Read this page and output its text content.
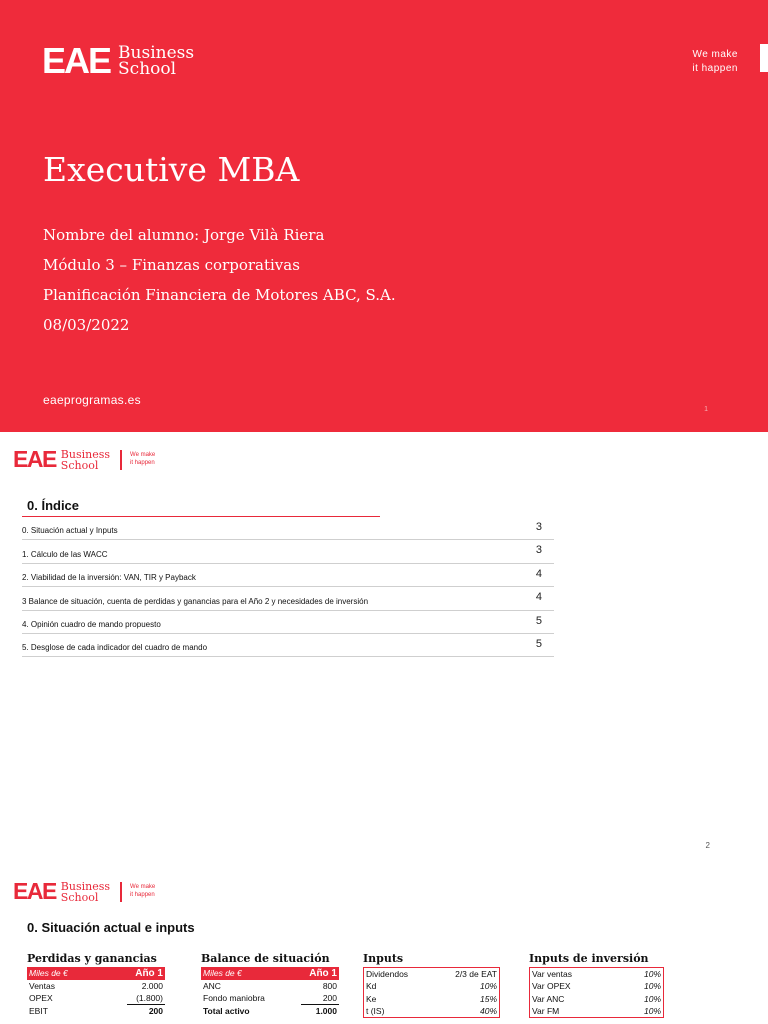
EAE Business
School
We make
it happen
Executive MBA
Nombre del alumno: Jorge Vilà Riera
Módulo 3 – Finanzas corporativas
Planificación Financiera de Motores ABC, S.A.
08/03/2022
eaeprogramas.es
1
EAE Business
School
We make
it happen
0. Índice
0. Situación actual y Inputs	3
1. Cálculo de las WACC	3
2. Viabilidad de la inversión: VAN, TIR y Payback	4
3 Balance de situación, cuenta de perdidas y ganancias para el Año 2 y necesidades de inversión	4
4. Opinión cuadro de mando propuesto	5
5. Desglose de cada indicador del cuadro de mando	5
2
EAE Business
School
We make
it happen
0. Situación actual e inputs
Perdidas y ganancias
Miles de €	Año 1
Ventas	2.000
OPEX	(1.800)
EBIT	200
Balance de situación
Miles de €	Año 1
ANC	800
Fondo maniobra	200
Total activo	1.000
Inputs
Dividendos	2/3 de EAT
Kd	10%
Ke	15%
t (IS)	40%
Inputs de inversión
Var ventas	10%
Var OPEX	10%
Var ANC	10%
Var FM	10%
